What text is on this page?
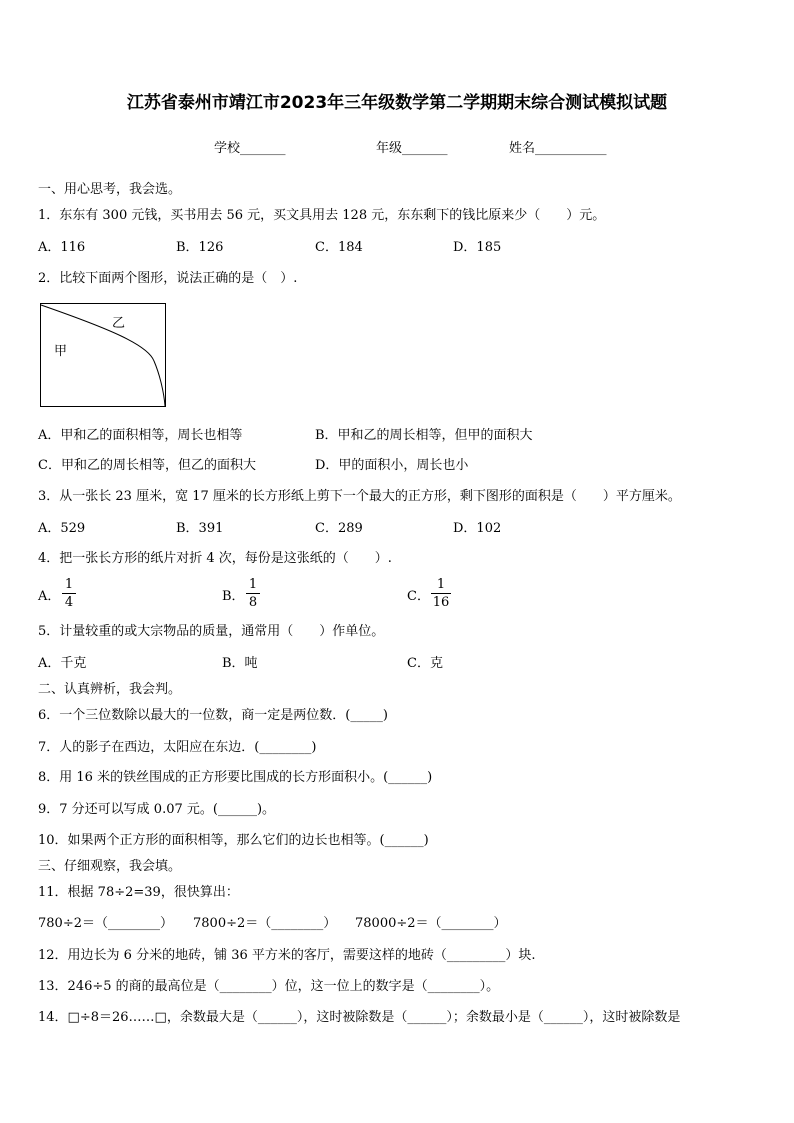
江苏省泰州市靖江市2023年三年级数学第二学期期末综合测试模拟试题
学校_______	年级_______	姓名___________
一、用心思考，我会选。
1．东东有 300 元钱，买书用去 56 元，买文具用去 128 元，东东剩下的钱比原来少（　　）元。
A．116	B．126	C．184	D．185
2．比较下面两个图形，说法正确的是（　）.
乙
甲
A．甲和乙的面积相等，周长也相等	B．甲和乙的周长相等，但甲的面积大
C．甲和乙的周长相等，但乙的面积大	D．甲的面积小，周长也小
3．从一张长 23 厘米，宽 17 厘米的长方形纸上剪下一个最大的正方形，剩下图形的面积是（　　）平方厘米。
A．529	B．391	C．289	D．102
4．把一张长方形的纸片对折 4 次，每份是这张纸的（　　）.
A．
1
4	B．
1
8	C．
1
16
5．计量较重的或大宗物品的质量，通常用（　　）作单位。
A．千克	B．吨	C．克
二、认真辨析，我会判。
6．一个三位数除以最大的一位数，商一定是两位数．(_____)
7．人的影子在西边，太阳应在东边．(________)
8．用 16 米的铁丝围成的正方形要比围成的长方形面积小。(______)
9．7 分还可以写成 0.07 元。(______)。
10．如果两个正方形的面积相等，那么它们的边长也相等。(______)
三、仔细观察，我会填。
11．根据 78÷2=39，很快算出：
780÷2＝（________） 7800÷2＝（________） 78000÷2＝（________）
12．用边长为 6 分米的地砖，铺 36 平方米的客厅，需要这样的地砖（_________）块.
13．246÷5 的商的最高位是（________）位，这一位上的数字是（________）。
14．□÷8＝26……□，余数最大是（______），这时被除数是（______）；余数最小是（______），这时被除数是
